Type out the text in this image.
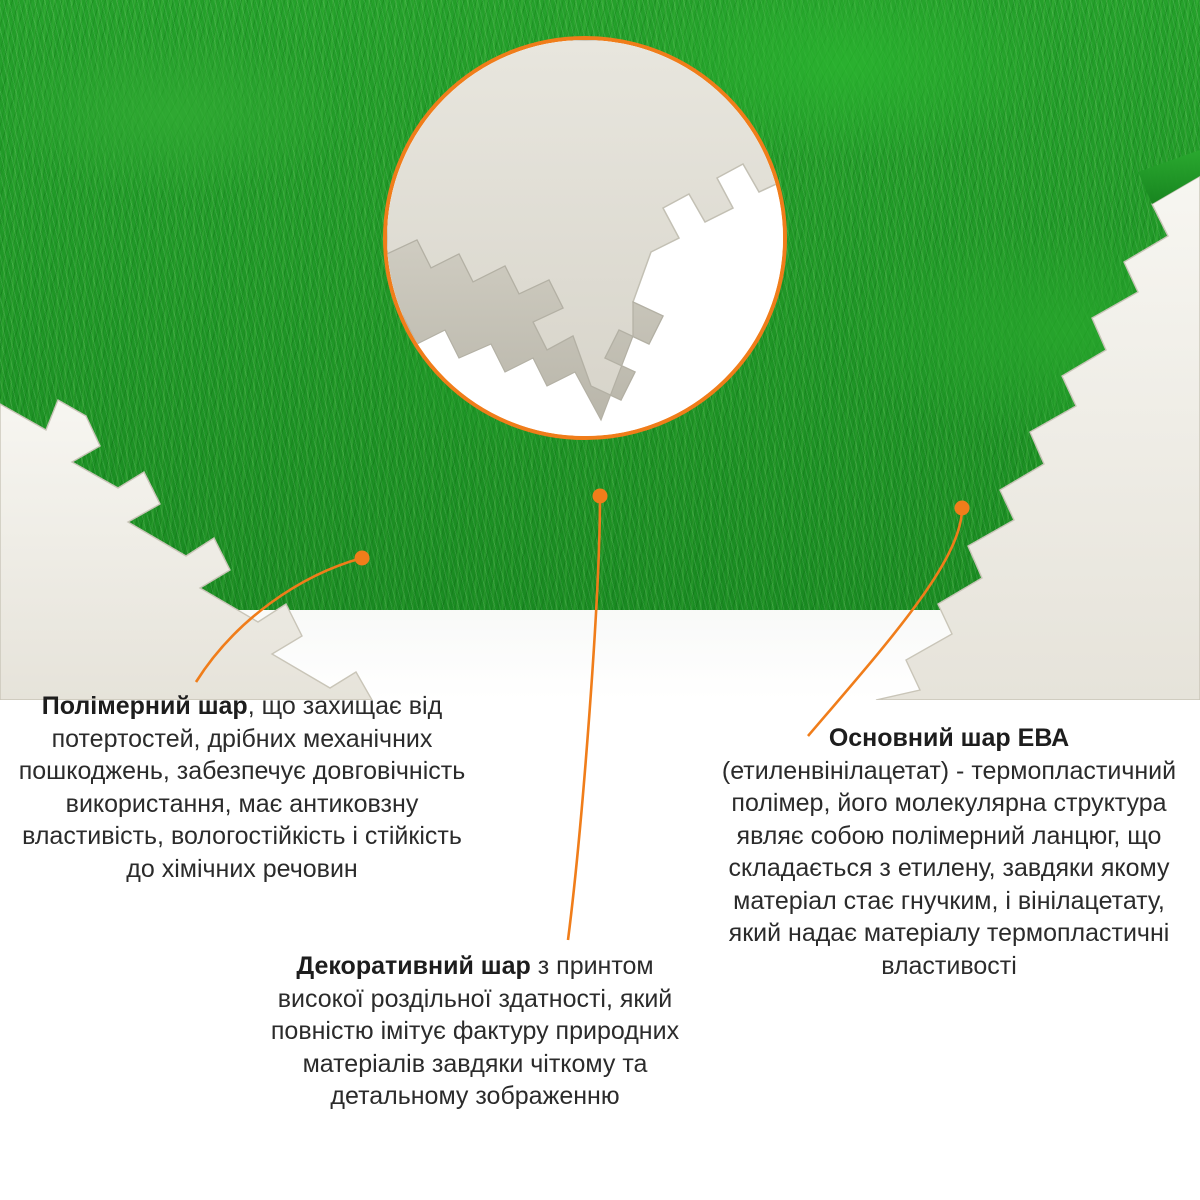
Полімерний шар, що захищає від потертостей, дрібних механічних пошкоджень, забезпечує довговічність використання, має антиковзну властивість, вологостійкість і стійкість до хімічних речовин
Декоративний шар з принтом високої роздільної здатності, який повністю імітує фактуру природних матеріалів завдяки чіткому та детальному зображенню
Основний шар ЕВА (етиленвінілацетат) - термопластичний полімер, його молекулярна структура являє собою полімерний ланцюг, що складається з етилену, завдяки якому матеріал стає гнучким, і вінілацетату, який надає матеріалу термопластичні властивості
